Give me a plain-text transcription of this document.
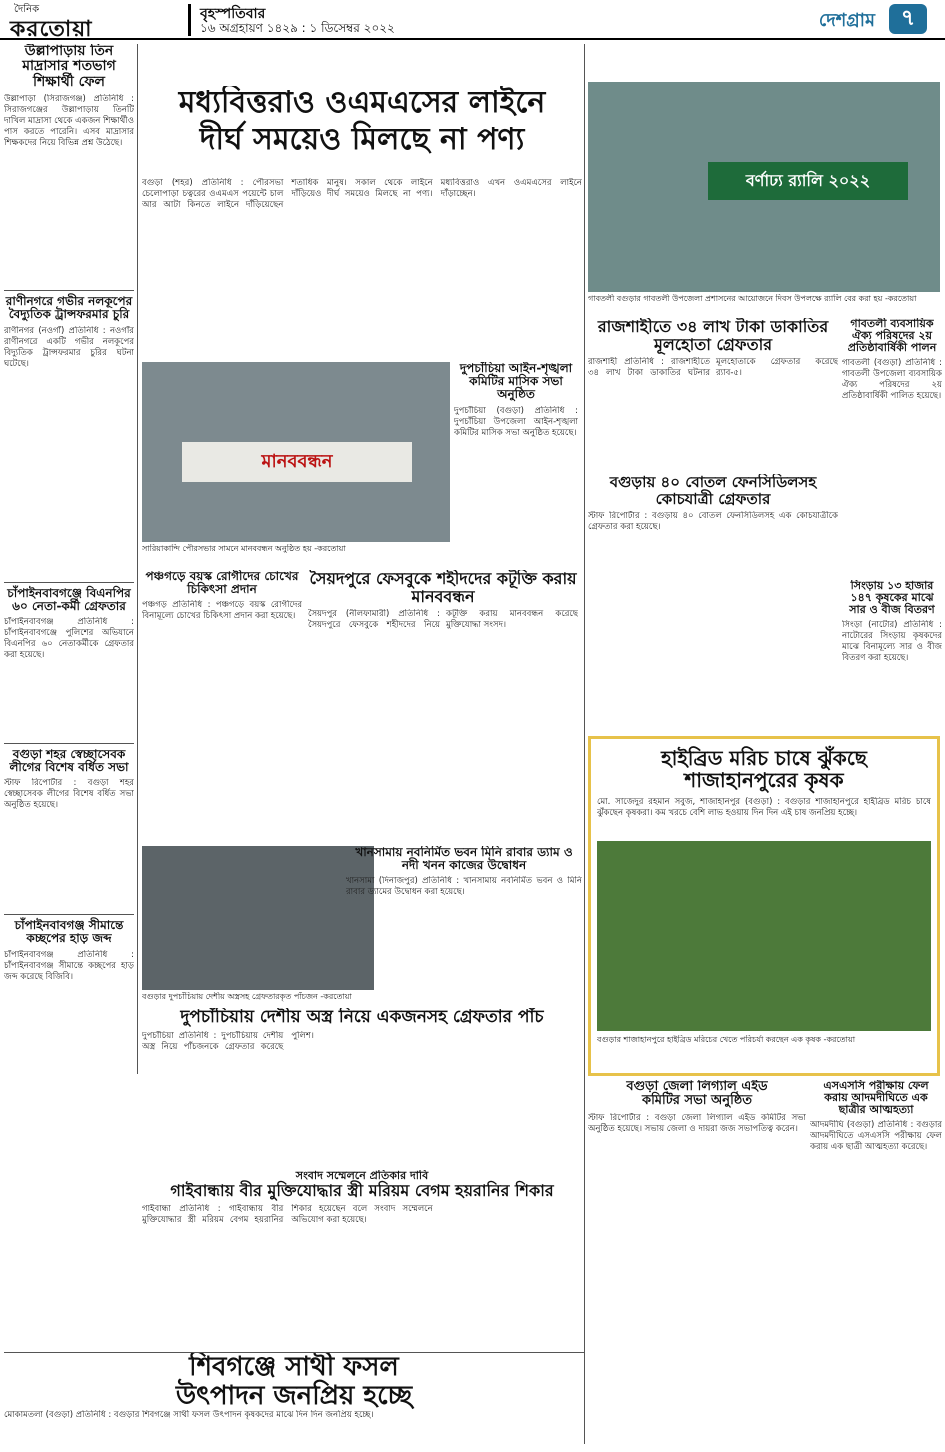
দৈনিক
করতোয়া
বৃহস্পতিবার
১৬ অগ্রহায়ণ ১৪২৯ : ১ ডিসেম্বর ২০২২	দেশগ্রাম	৭
উল্লাপাড়ায় তিন মাদ্রাসার শতভাগ শিক্ষার্থী ফেল
উল্লাপাড়া (সিরাজগঞ্জ) প্রতিনিধি : সিরাজগঞ্জের উল্লাপাড়ায় তিনটি দাখিল মাদ্রাসা থেকে একজন শিক্ষার্থীও পাস করতে পারেনি। এসব মাদ্রাসার শিক্ষকদের নিয়ে বিভিন্ন প্রশ্ন উঠেছে।
রাণীনগরে গভীর নলকূপের বৈদ্যুতিক ট্রান্সফরমার চুরি
রাণীনগর (নওগাঁ) প্রতিনিধি : নওগাঁর রাণীনগরে একটি গভীর নলকূপের বিদ্যুতিক ট্রান্সফরমার চুরির ঘটনা ঘটেছে।
চাঁপাইনবাবগঞ্জে বিএনপির ৬০ নেতা-কর্মী গ্রেফতার
চাঁপাইনবাবগঞ্জ প্রতিনিধি : চাঁপাইনবাবগঞ্জে পুলিশের অভিযানে বিএনপির ৬০ নেতাকর্মীকে গ্রেফতার করা হয়েছে।
বগুড়া শহর স্বেচ্ছাসেবক লীগের বিশেষ বর্ধিত সভা
স্টাফ রিপোর্টার : বগুড়া শহর স্বেচ্ছাসেবক লীগের বিশেষ বর্ধিত সভা অনুষ্ঠিত হয়েছে।
চাঁপাইনবাবগঞ্জ সীমান্তে কচ্ছপের হাড় জব্দ
চাঁপাইনবাবগঞ্জ প্রতিনিধি : চাঁপাইনবাবগঞ্জ সীমান্তে কচ্ছপের হাড় জব্দ করেছে বিজিবি।
মধ্যবিত্তরাও ওএমএসের লাইনে
দীর্ঘ সময়েও মিলছে না পণ্য
বগুড়া (শহর) প্রতিনিধি : পৌরসভা চেলোপাড়া চত্বরের ওএমএস পয়েন্টে চাল আর আটা কিনতে লাইনে দাঁড়িয়েছেন শতাধিক মানুষ। সকাল থেকে লাইনে দাঁড়িয়েও দীর্ঘ সময়েও মিলছে না পণ্য। মধ্যবিত্তরাও এখন ওএমএসের লাইনে দাঁড়াচ্ছেন।
মানববন্ধন
সারিয়াকান্দি পৌরসভার সামনে মানববন্ধন অনুষ্ঠিত হয় -করতোয়া
পঞ্চগড়ে বয়স্ক রোগীদের চোখের চিকিৎসা প্রদান
পঞ্চগড় প্রতিনিধি : পঞ্চগড়ে বয়স্ক রোগীদের বিনামূল্যে চোখের চিকিৎসা প্রদান করা হয়েছে।
সৈয়দপুরে ফেসবুকে শহীদদের কটূক্তি করায় মানববন্ধন
সৈয়দপুর (নীলফামারী) প্রতিনিধি : সৈয়দপুরে ফেসবুকে শহীদদের নিয়ে কটূক্তি করায় মানববন্ধন করেছে মুক্তিযোদ্ধা সংসদ।
দুপচাঁচিয়া আইন-শৃঙ্খলা কমিটির মাসিক সভা অনুষ্ঠিত
দুপচাঁচিয়া (বগুড়া) প্রতিনিধি : দুপচাঁচিয়া উপজেলা আইন-শৃঙ্খলা কমিটির মাসিক সভা অনুষ্ঠিত হয়েছে।
বগুড়ার দুপচাঁচিয়ায় দেশীয় অস্ত্রসহ গ্রেফতারকৃত পাঁচজন -করতোয়া
দুপচাঁচিয়ায় দেশীয় অস্ত্র নিয়ে একজনসহ গ্রেফতার পাঁচ
দুপচাঁচিয়া প্রতিনিধি : দুপচাঁচিয়ায় দেশীয় অস্ত্র নিয়ে পাঁচজনকে গ্রেফতার করেছে পুলিশ।
সংবাদ সম্মেলনে প্রতিকার দাবি
গাইবান্ধায় বীর মুক্তিযোদ্ধার স্ত্রী মরিয়ম বেগম হয়রানির শিকার
গাইবান্ধা প্রতিনিধি : গাইবান্ধায় বীর মুক্তিযোদ্ধার স্ত্রী মরিয়ম বেগম হয়রানির শিকার হয়েছেন বলে সংবাদ সম্মেলনে অভিযোগ করা হয়েছে।
শিবগঞ্জে সাথী ফসল
উৎপাদন জনপ্রিয় হচ্ছে
মোকামতলা (বগুড়া) প্রতিনিধি : বগুড়ার শিবগঞ্জে সাথী ফসল উৎপাদন কৃষকদের মাঝে দিন দিন জনপ্রিয় হচ্ছে।
খানসামায় নবনির্মিত ভবন মিনি রাবার ড্যাম ও নদী খনন কাজের উদ্বোধন
খানসামা (দিনাজপুর) প্রতিনিধি : খানসামায় নবনির্মিত ভবন ও মিনি রাবার ড্যামের উদ্বোধন করা হয়েছে।
বর্ণাঢ্য র‍্যালি ২০২২
গাবতলী বগুড়ার গাবতলী উপজেলা প্রশাসনের আয়োজনে দিবস উপলক্ষে র‍্যালি বের করা হয় -করতোয়া
রাজশাহীতে ৩৪ লাখ টাকা ডাকাতির মূলহোতা গ্রেফতার
রাজশাহী প্রতিনিধি : রাজশাহীতে ৩৪ লাখ টাকা ডাকাতির ঘটনার মূলহোতাকে গ্রেফতার করেছে র‍্যাব-৫।
বগুড়ায় ৪০ বোতল ফেনসিডিলসহ কোচযাত্রী গ্রেফতার
স্টাফ রিপোর্টার : বগুড়ায় ৪০ বোতল ফেনসিডিলসহ এক কোচযাত্রীকে গ্রেফতার করা হয়েছে।
গাবতলী ব্যবসায়িক ঐক্য পরিষদের ২য় প্রতিষ্ঠাবার্ষিকী পালন
গাবতলী (বগুড়া) প্রতিনিধি : গাবতলী উপজেলা ব্যবসায়িক ঐক্য পরিষদের ২য় প্রতিষ্ঠাবার্ষিকী পালিত হয়েছে।
সিংড়ায় ১৩ হাজার ১৪৭ কৃষকের মাঝে সার ও বীজ বিতরণ
সিংড়া (নাটোর) প্রতিনিধি : নাটোরের সিংড়ায় কৃষকদের মাঝে বিনামূল্যে সার ও বীজ বিতরণ করা হয়েছে।
হাইব্রিড মরিচ চাষে ঝুঁকছে
শাজাহানপুরের কৃষক
মো. সাজেদুর রহমান সবুজ, শাজাহানপুর (বগুড়া) : বগুড়ার শাজাহানপুরে হাইব্রিড মরিচ চাষে ঝুঁকছেন কৃষকরা। কম খরচে বেশি লাভ হওয়ায় দিন দিন এই চাষ জনপ্রিয় হচ্ছে।
বগুড়ার শাজাহানপুরে হাইব্রিড মরিচের খেতে পরিচর্যা করছেন এক কৃষক -করতোয়া
বগুড়া জেলা লিগ্যাল এইড
কমিটির সভা অনুষ্ঠিত
স্টাফ রিপোর্টার : বগুড়া জেলা লিগ্যাল এইড কমিটির সভা অনুষ্ঠিত হয়েছে। সভায় জেলা ও দায়রা জজ সভাপতিত্ব করেন।
এসএসসি পরীক্ষায় ফেল
করায় আদমদীঘিতে এক
ছাত্রীর আত্মহত্যা
আদমদীঘি (বগুড়া) প্রতিনিধি : বগুড়ার আদমদীঘিতে এসএসসি পরীক্ষায় ফেল করায় এক ছাত্রী আত্মহত্যা করেছে।
